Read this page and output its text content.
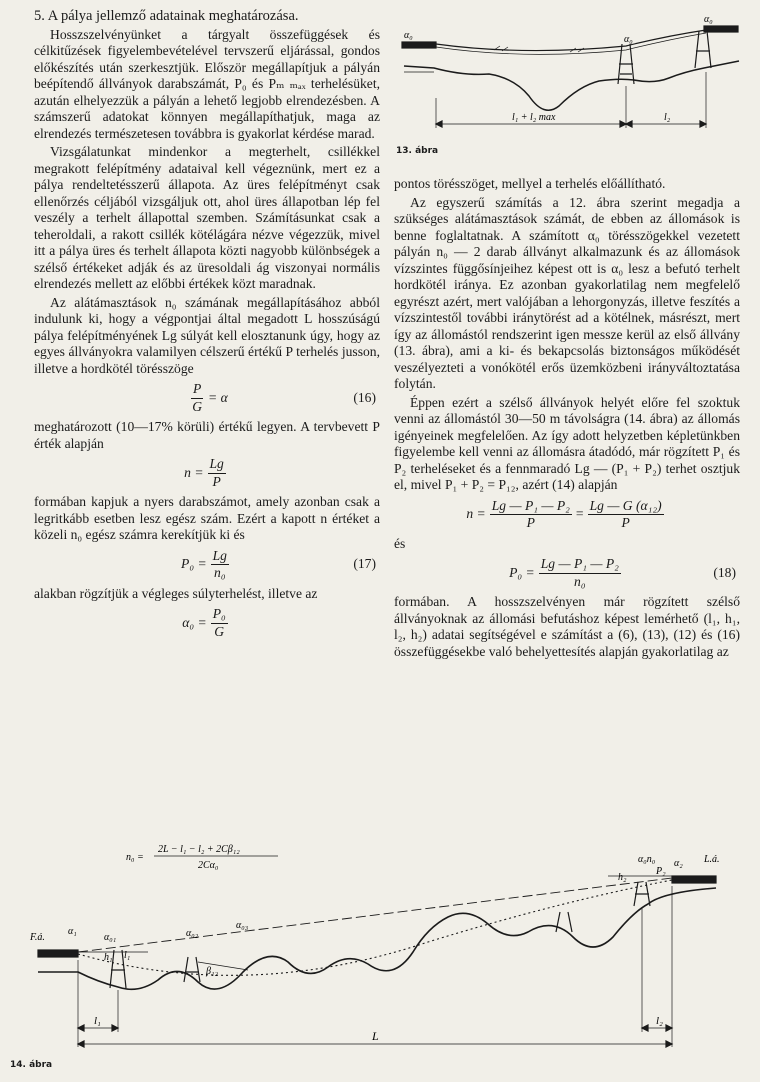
5. A pálya jellemző adatainak meghatározása.

Hosszszelvényünket a tárgyalt összefüggések és célkitűzések figyelembevételével tervszerű eljárással, gondos előkészítés után szerkesztjük. Először megállapítjuk a pályán beépítendő állványok darabszámát, P₀ és Pₘ ₘₐₓ terhelésüket, azután elhelyezzük a pályán a lehető legjobb elrendezésben. A számszerű adatokat könnyen megállapíthatjuk, maga az elrendezés természetesen továbbra is gyakorlat kérdése marad.

Vizsgálatunkat mindenkor a megterhelt, csillékkel megrakott felépítmény adataival kell végeznünk, mert ez a pálya rendeltetésszerű állapota. Az üres felépítményt csak ellenőrzés céljából vizsgáljuk ott, ahol üres állapotban lép fel veszély a terhelt állapottal szemben. Számításunkat csak a teheroldali, a rakott csillék kötélágára nézve végezzük, mivel itt a pálya üres és terhelt állapota közti nagyobb különbségek a szélső értékeket adják és az üresoldali ág viszonyai normális elrendezés mellett az előbbi értékek közt maradnak.

Az alátámasztások n₀ számának megállapításához abból indulunk ki, hogy a végpontjai által megadott L hosszúságú pálya felépítményének Lg súlyát kell elosztanunk úgy, hogy az egyes állványokra valamilyen célszerű értékű P terhelés jusson, illetve a hordkötél törésszöge

$\frac{P}{G} = \alpha$	(16)

meghatározott (10—17% körüli) értékű legyen. A tervbevett P érték alapján

$n = \frac{Lg}{P}$

formában kapjuk a nyers darabszámot, amely azonban csak a legritkább esetben lesz egész szám. Ezért a kapott n értéket a közeli n₀ egész számra kerekítjük ki és

$P_0 = \frac{Lg}{\text{n₀}}$	(17)

alakban rögzítjük a végleges súlyterhelést, illetve az

$\alpha_0 = \frac{\text{P₀}}{G}$
α₀	α₀
α₀
l₁ + l₂ max	l₂
13. ábra

pontos törésszöget, mellyel a terhelés előállítható.

Az egyszerű számítás a 12. ábra szerint megadja a szükséges alátámasztások számát, de ebben az állomások is benne foglaltatnak. A számított α₀ törésszögekkel vezetett pályán n₀ — 2 darab állványt alkalmazunk és az állomások vízszintes függősínjeihez képest ott is α₀ lesz a befutó terhelt hordkötél iránya. Ez azonban gyakorlatilag nem megfelelő egyrészt azért, mert valójában a lehorgonyzás, illetve feszítés a vízszintestől további iránytörést ad a kötélnek, másrészt, mert így az állomástól rendszerint igen messze kerül az első állvány (13. ábra), ami a ki- és bekapcsolás biztonságos működését veszélyezteti a vonókötél erős üzemközbeni irányváltoztatása folytán.

Éppen ezért a szélső állványok helyét előre fel szoktuk venni az állomástól 30—50 m távolságra (14. ábra) az állomás igényeinek megfelelően. Az így adott helyzetben képletünkben figyelembe kell venni az állomásra átadódó, már rögzített P₁ és P₂ terheléseket és a fennmaradó Lg — (P₁ + P₂) terhet osztjuk el, mivel P₁ + P₂ = P₁₂, azért (14) alapján

$n = \frac{\text{Lg — P₁ — P₂}}{P} = \frac{\text{Lg — G (α₁₂)}}{P}$

és

$P_0 = \frac{\text{Lg — P₁ — P₂}}{\text{n₀}}$	(18)

formában. A hosszszelvényen már rögzített szélső állványoknak az állomási befutáshoz képest lemérhető (l₁, h₁, l₂, h₂) adatai segítségével e számítást a (6), (13), (12) és (16) összefüggésekbe való behelyettesítés alapján gyakorlatilag az

n₀ =
2L − l₁ − l₂ + 2Cβ₁₂
2Cα₀
F.á.
L.á.
α₁
α₀₁
h₁ l₁
α₀₂
β₁₂
α₀₃
α₀n₀ α₂
h₂
P₂
l₁	l₂
L
14. ábra
